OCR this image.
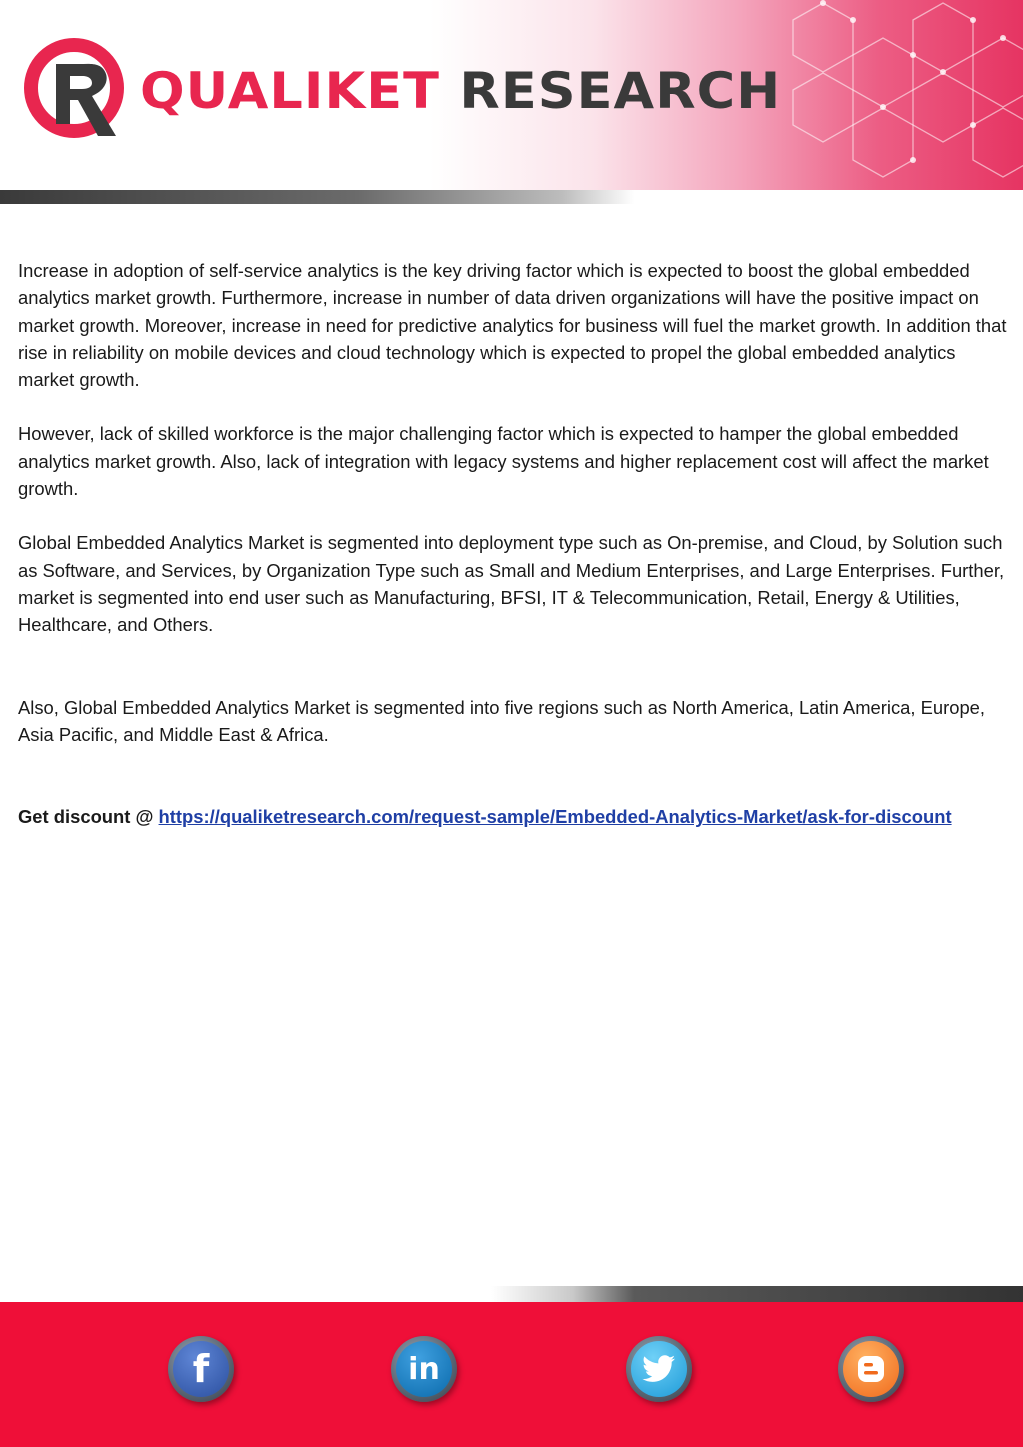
QUALIKET RESEARCH

Increase in adoption of self-service analytics is the key driving factor which is expected to boost the global embedded analytics market growth. Furthermore, increase in number of data driven organizations will have the positive impact on market growth. Moreover, increase in need for predictive analytics for business will fuel the market growth. In addition that rise in reliability on mobile devices and cloud technology which is expected to propel the global embedded analytics market growth.

However, lack of skilled workforce is the major challenging factor which is expected to hamper the global embedded analytics market growth. Also, lack of integration with legacy systems and higher replacement cost will affect the market growth.

Global Embedded Analytics Market is segmented into deployment type such as On-premise, and Cloud, by Solution such as Software, and Services, by Organization Type such as Small and Medium Enterprises, and Large Enterprises. Further, market is segmented into end user such as Manufacturing, BFSI, IT & Telecommunication, Retail, Energy & Utilities, Healthcare, and Others.

Also, Global Embedded Analytics Market is segmented into five regions such as North America, Latin America, Europe, Asia Pacific, and Middle East & Africa.

Get discount @ https://qualiketresearch.com/request-sample/Embedded-Analytics-Market/ask-for-discount

f	in
